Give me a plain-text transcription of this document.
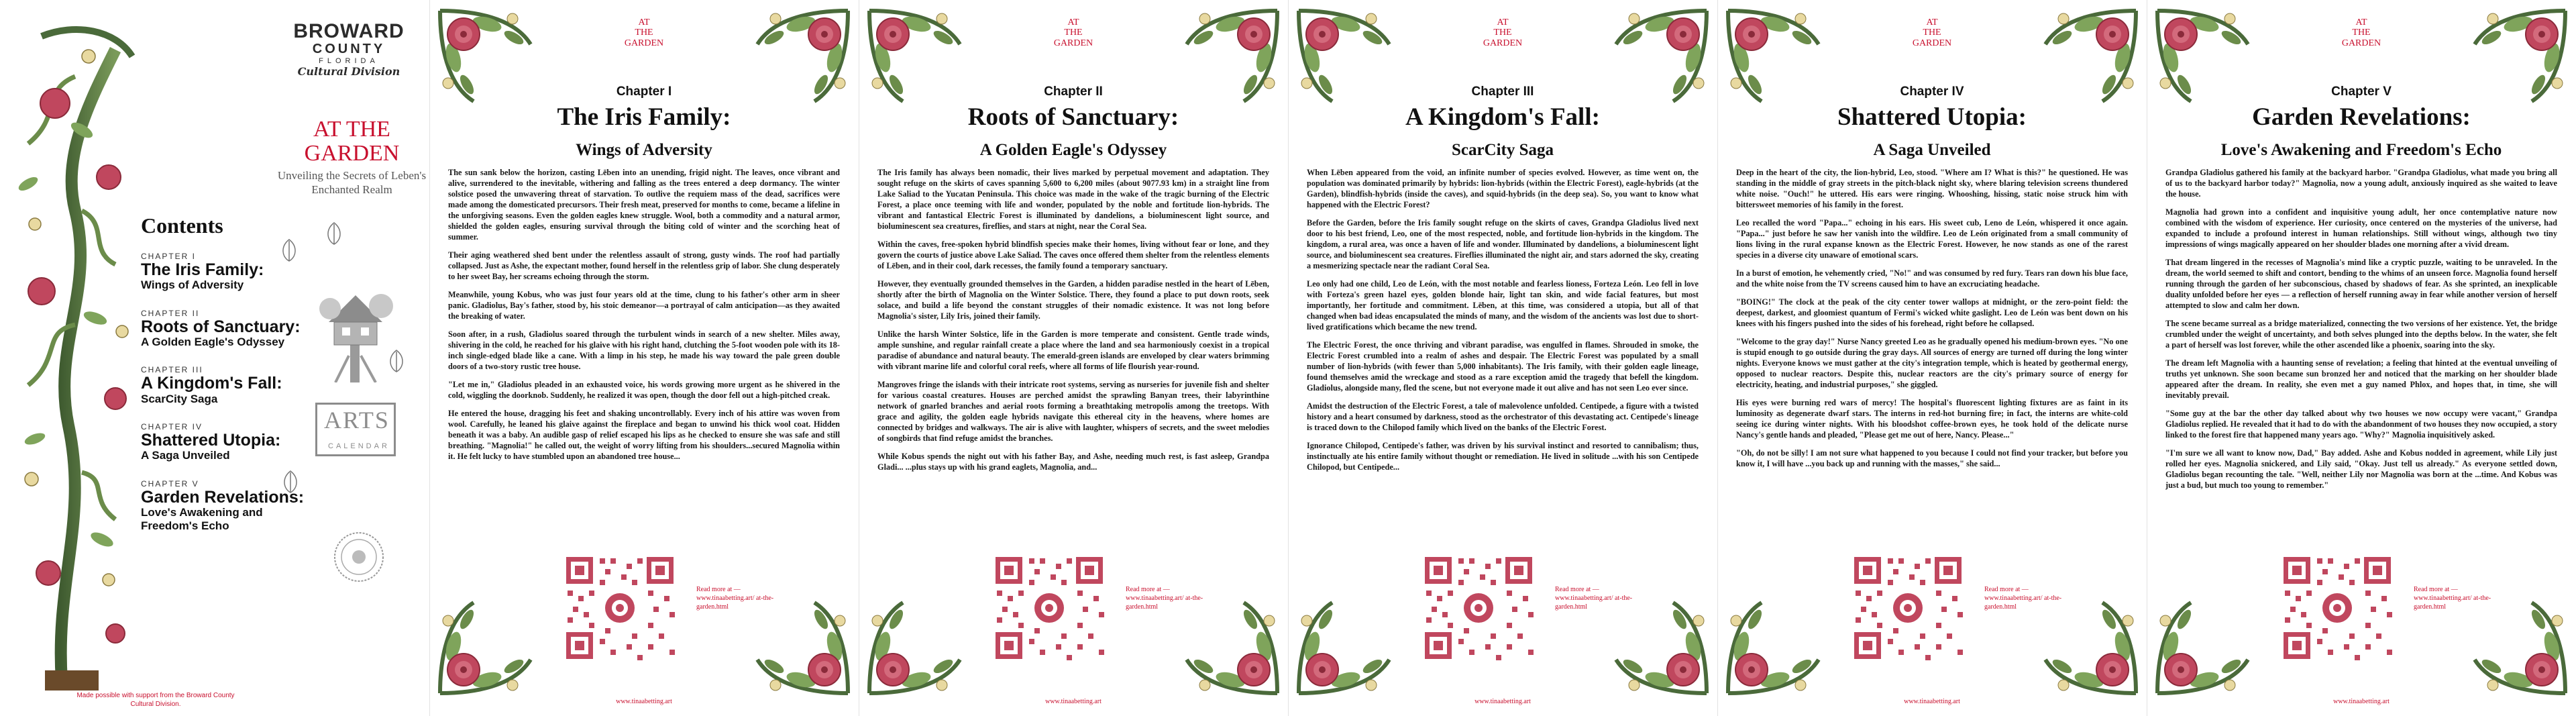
BROWARD
COUNTY
FLORIDA
Cultural Division
AT THE
GARDEN
Unveiling the Secrets of Leben's Enchanted Realm
Contents
CHAPTER I
The Iris Family:
Wings of Adversity
CHAPTER II
Roots of Sanctuary:
A Golden Eagle's Odyssey
CHAPTER III
A Kingdom's Fall:
ScarCity Saga
CHAPTER IV
Shattered Utopia:
A Saga Unveiled
CHAPTER V
Garden Revelations:
Love's Awakening and Freedom's Echo
ARTS
CALENDAR
Made possible with support from the Broward County Cultural Division.
AT
THE
GARDEN
Chapter I
The Iris Family:
Wings of Adversity

The sun sank below the horizon, casting Lēben into an unending, frigid night. The leaves, once vibrant and alive, surrendered to the inevitable, withering and falling as the trees entered a deep dormancy. The winter solstice posed the unwavering threat of starvation. To outlive the requiem mass of the dead, sacrifices were made among the domesticated precursors. Their fresh meat, preserved for months to come, became a lifeline in the unforgiving seasons. Even the golden eagles knew struggle. Wool, both a commodity and a natural armor, shielded the golden eagles, ensuring survival through the biting cold of winter and the scorching heat of summer.

Their aging weathered shed bent under the relentless assault of strong, gusty winds. The roof had partially collapsed. Just as Ashe, the expectant mother, found herself in the relentless grip of labor. She clung desperately to her sweet Bay, her screams echoing through the storm.

Meanwhile, young Kobus, who was just four years old at the time, clung to his father's other arm in sheer panic. Gladiolus, Bay's father, stood by, his stoic demeanor—a portrayal of calm anticipation—as they awaited the breaking of water.

Soon after, in a rush, Gladiolus soared through the turbulent winds in search of a new shelter. Miles away, shivering in the cold, he reached for his glaive with his right hand, clutching the 5-foot wooden pole with its 18-inch single-edged blade like a cane. With a limp in his step, he made his way toward the pale green double doors of a two-story rustic tree house.

"Let me in," Gladiolus pleaded in an exhausted voice, his words growing more urgent as he shivered in the cold, wiggling the doorknob. Suddenly, he realized it was open, though the door fell out a high-pitched creak.

He entered the house, dragging his feet and shaking uncontrollably. Every inch of his attire was woven from wool. Carefully, he leaned his glaive against the fireplace and began to unwind his thick wool coat. Hidden beneath it was a baby. An audible gasp of relief escaped his lips as he checked to ensure she was safe and still breathing. "Magnolia!" he called out, the weight of worry lifting from his shoulders...secured Magnolia within it. He felt lucky to have stumbled upon an abandoned tree house...

Read more at — www.tinaabetting.art/ at-the-garden.html
www.tinaabetting.art
AT
THE
GARDEN
Chapter II
Roots of Sanctuary:
A Golden Eagle's Odyssey

The Iris family has always been nomadic, their lives marked by perpetual movement and adaptation. They sought refuge on the skirts of caves spanning 5,600 to 6,200 miles (about 9077.93 km) in a straight line from Lake Saliad to the Yucatan Peninsula. This choice was made in the wake of the tragic burning of the Electric Forest, a place once teeming with life and wonder, populated by the noble and fortitude lion-hybrids. The vibrant and fantastical Electric Forest is illuminated by dandelions, a bioluminescent light source, and bioluminescent sea creatures, fireflies, and stars at night, near the Coral Sea.

Within the caves, free-spoken hybrid blindfish species make their homes, living without fear or lone, and they govern the courts of justice above Lake Saliad. The caves once offered them shelter from the relentless elements of Lēben, and in their cool, dark recesses, the family found a temporary sanctuary.

However, they eventually grounded themselves in the Garden, a hidden paradise nestled in the heart of Lēben, shortly after the birth of Magnolia on the Winter Solstice. There, they found a place to put down roots, seek solace, and build a life beyond the constant struggles of their nomadic existence. It was not long before Magnolia's sister, Lily Iris, joined their family.

Unlike the harsh Winter Solstice, life in the Garden is more temperate and consistent. Gentle trade winds, ample sunshine, and regular rainfall create a place where the land and sea harmoniously coexist in a tropical paradise of abundance and natural beauty. The emerald-green islands are enveloped by clear waters brimming with vibrant marine life and colorful coral reefs, where all forms of life flourish year-round.

Mangroves fringe the islands with their intricate root systems, serving as nurseries for juvenile fish and shelter for various coastal creatures. Houses are perched amidst the sprawling Banyan trees, their labyrinthine network of gnarled branches and aerial roots forming a breathtaking metropolis among the treetops. With grace and agility, the golden eagle hybrids navigate this ethereal city in the heavens, where homes are connected by bridges and walkways. The air is alive with laughter, whispers of secrets, and the sweet melodies of songbirds that find refuge amidst the branches.

While Kobus spends the night out with his father Bay, and Ashe, needing much rest, is fast asleep, Grandpa Gladi... ...plus stays up with his grand eaglets, Magnolia, and...

Read more at — www.tinaabetting.art/ at-the-garden.html
www.tinaabetting.art
AT
THE
GARDEN
Chapter III
A Kingdom's Fall:
ScarCity Saga

When Lēben appeared from the void, an infinite number of species evolved. However, as time went on, the population was dominated primarily by hybrids: lion-hybrids (within the Electric Forest), eagle-hybrids (at the Garden), blindfish-hybrids (inside the caves), and squid-hybrids (in the deep sea). So, you want to know what happened with the Electric Forest?

Before the Garden, before the Iris family sought refuge on the skirts of caves, Grandpa Gladiolus lived next door to his best friend, Leo, one of the most respected, noble, and fortitude lion-hybrids in the kingdom. The kingdom, a rural area, was once a haven of life and wonder. Illuminated by dandelions, a bioluminescent light source, and bioluminescent sea creatures. Fireflies illuminated the night air, and stars adorned the sky, creating a mesmerizing spectacle near the radiant Coral Sea.

Leo only had one child, Leo de León, with the most notable and fearless lioness, Forteza León. Leo fell in love with Forteza's green hazel eyes, golden blonde hair, light tan skin, and wide facial features, but most importantly, her fortitude and commitment. Lēben, at this time, was considered a utopia, but all of that changed when bad ideas encapsulated the minds of many, and the wisdom of the ancients was lost due to short-lived gratifications which became the new trend.

The Electric Forest, the once thriving and vibrant paradise, was engulfed in flames. Shrouded in smoke, the Electric Forest crumbled into a realm of ashes and despair. The Electric Forest was populated by a small number of lion-hybrids (with fewer than 5,000 inhabitants). The Iris family, with their golden eagle lineage, found themselves amid the wreckage and stood as a rare exception amid the tragedy that befell the kingdom. Gladiolus, alongside many, fled the scene, but not everyone made it out alive and has not seen Leo ever since.

Amidst the destruction of the Electric Forest, a tale of malevolence unfolded. Centipede, a figure with a twisted history and a heart consumed by darkness, stood as the orchestrator of this devastating act. Centipede's lineage is traced down to the Chilopod family which lived on the banks of the Electric Forest.

Ignorance Chilopod, Centipede's father, was driven by his survival instinct and resorted to cannibalism; thus, instinctually ate his entire family without thought or remediation. He lived in solitude ...with his son Centipede Chilopod, but Centipede...

Read more at — www.tinaabetting.art/ at-the-garden.html
www.tinaabetting.art
AT
THE
GARDEN
Chapter IV
Shattered Utopia:
A Saga Unveiled

Deep in the heart of the city, the lion-hybrid, Leo, stood. "Where am I? What is this?" he questioned. He was standing in the middle of gray streets in the pitch-black night sky, where blaring television screens thundered white noise. "Ouch!" he uttered. His ears were ringing. Whooshing, hissing, static noise struck him with bittersweet memories of his family in the forest.

Leo recalled the word "Papa..." echoing in his ears. His sweet cub, Leno de León, whispered it once again. "Papa..." just before he saw her vanish into the wildfire. Leo de León originated from a small community of lions living in the rural expanse known as the Electric Forest. However, he now stands as one of the rarest species in a diverse city unaware of emotional scars.

In a burst of emotion, he vehemently cried, "No!" and was consumed by red fury. Tears ran down his blue face, and the white noise from the TV screens caused him to have an excruciating headache.

"BOING!" The clock at the peak of the city center tower wallops at midnight, or the zero-point field: the deepest, darkest, and gloomiest quantum of Fermi's wicked white gaslight. Leo de León was bent down on his knees with his fingers pushed into the sides of his forehead, right before he collapsed.

"Welcome to the gray day!" Nurse Nancy greeted Leo as he gradually opened his medium-brown eyes. "No one is stupid enough to go outside during the gray days. All sources of energy are turned off during the long winter nights. Everyone knows we must gather at the city's integration temple, which is heated by geothermal energy, opposed to nuclear reactors. Despite this, nuclear reactors are the city's primary source of energy for electricity, heating, and industrial purposes," she giggled.

His eyes were burning red wars of mercy! The hospital's fluorescent lighting fixtures are as faint in its luminosity as degenerate dwarf stars. The interns in red-hot burning fire; in fact, the interns are white-cold seeing ice during winter nights. With his bloodshot coffee-brown eyes, he took hold of the delicate nurse Nancy's gentle hands and pleaded, "Please get me out of here, Nancy. Please..."

"Oh, do not be silly! I am not sure what happened to you because I could not find your tracker, but before you know it, I will have ...you back up and running with the masses," she said...

Read more at — www.tinaabetting.art/ at-the-garden.html
www.tinaabetting.art
AT
THE
GARDEN
Chapter V
Garden Revelations:
Love's Awakening and Freedom's Echo

Grandpa Gladiolus gathered his family at the backyard harbor. "Grandpa Gladiolus, what made you bring all of us to the backyard harbor today?" Magnolia, now a young adult, anxiously inquired as she waited to leave the house.

Magnolia had grown into a confident and inquisitive young adult, her once contemplative nature now combined with the wisdom of experience. Her curiosity, once centered on the mysteries of the universe, had expanded to include a profound interest in human relationships. Still without wings, although two tiny impressions of wings magically appeared on her shoulder blades one morning after a vivid dream.

That dream lingered in the recesses of Magnolia's mind like a cryptic puzzle, waiting to be unraveled. In the dream, the world seemed to shift and contort, bending to the whims of an unseen force. Magnolia found herself running through the garden of her subconscious, chased by shadows of fear. As she sprinted, an inexplicable duality unfolded before her eyes — a reflection of herself running away in fear while another version of herself attempted to slow and calm her down.

The scene became surreal as a bridge materialized, connecting the two versions of her existence. Yet, the bridge crumbled under the weight of uncertainty, and both selves plunged into the depths below. In the water, she felt a part of herself was lost forever, while the other ascended like a phoenix, soaring into the sky.

The dream left Magnolia with a haunting sense of revelation; a feeling that hinted at the eventual unveiling of truths yet unknown. She soon became sun bronzed her and noticed that the marking on her shoulder blade appeared after the dream. In reality, she even met a guy named Phlox, and hopes that, in time, she will inevitably prevail.

"Some guy at the bar the other day talked about why two houses we now occupy were vacant," Grandpa Gladiolus replied. He revealed that it had to do with the abandonment of two houses they now occupied, a story linked to the forest fire that happened many years ago. "Why?" Magnolia inquisitively asked.

"I'm sure we all want to know now, Dad," Bay added. Ashe and Kobus nodded in agreement, while Lily just rolled her eyes. Magnolia snickered, and Lily said, "Okay. Just tell us already." As everyone settled down, Gladiolus began recounting the tale. "Well, neither Lily nor Magnolia was born at the ...time. And Kobus was just a bud, but much too young to remember."

Read more at — www.tinaabetting.art/ at-the-garden.html
www.tinaabetting.art
